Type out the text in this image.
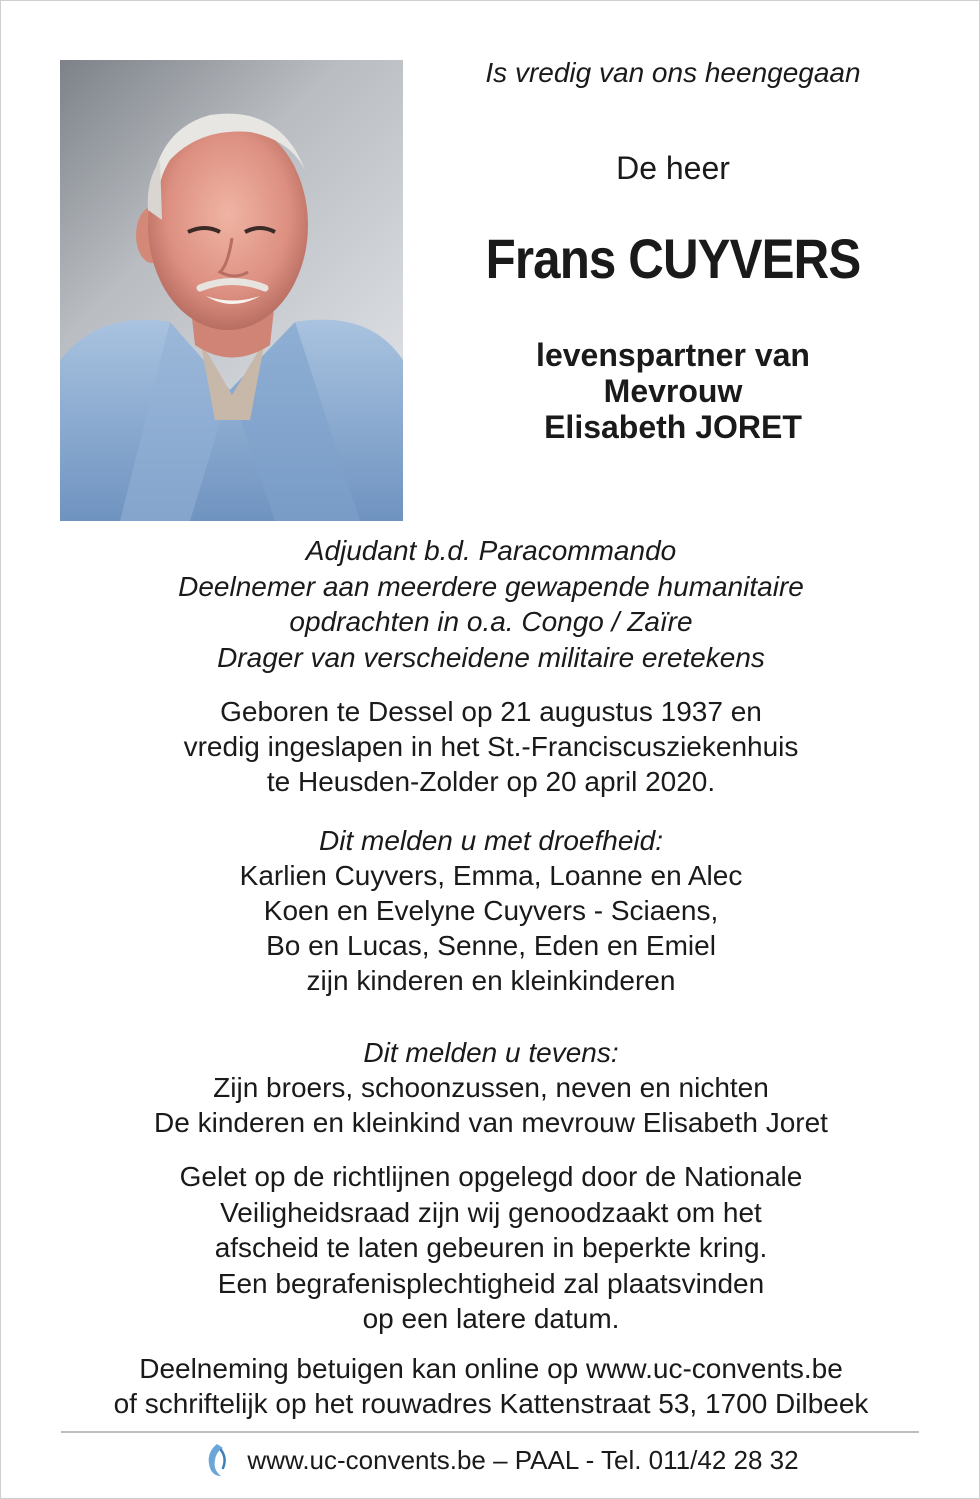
Is vredig van ons heengegaan
De heer
Frans CUYVERS
levenspartner van
Mevrouw
Elisabeth JORET
Adjudant b.d. Paracommando
Deelnemer aan meerdere gewapende humanitaire
opdrachten in o.a. Congo / Zaïre
Drager van verscheidene militaire eretekens
Geboren te Dessel op 21 augustus 1937 en
vredig ingeslapen in het St.-Franciscusziekenhuis
te Heusden-Zolder op 20 april 2020.
Dit melden u met droefheid:
Karlien Cuyvers, Emma, Loanne en Alec
Koen en Evelyne Cuyvers - Sciaens,
Bo en Lucas, Senne, Eden en Emiel
zijn kinderen en kleinkinderen
Dit melden u tevens:
Zijn broers, schoonzussen, neven en nichten
De kinderen en kleinkind van mevrouw Elisabeth Joret
Gelet op de richtlijnen opgelegd door de Nationale
Veiligheidsraad zijn wij genoodzaakt om het
afscheid te laten gebeuren in beperkte kring.
Een begrafenisplechtigheid zal plaatsvinden
op een latere datum.
Deelneming betuigen kan online op www.uc-convents.be
of schriftelijk op het rouwadres Kattenstraat 53, 1700 Dilbeek
www.uc-convents.be – PAAL - Tel. 011/42 28 32
